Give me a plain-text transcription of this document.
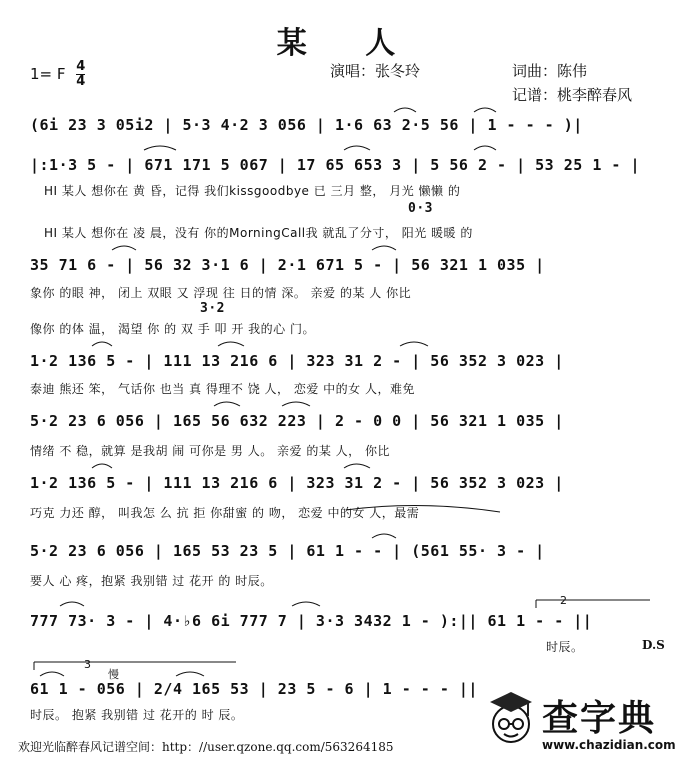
某 人
1= F $\frac{4}{4}$	演唱：张冬玲	词曲：陈伟
记谱：桃李醉春风
(6i 23 3 05i2 | 5·3 4·2 3 056 | 1·6 63 2·5 56 | 1 - - - )|
|:1·3 5 - | 671 171 5 067 | 17 65 653 3 | 5 56 2 - | 53 25 1 - |
HI 某人 想你在 黄 昏，记得 我们kissgoodbye 已 三月 整， 月光 懒懒 的
0·3
HI 某人 想你在 凌 晨，没有 你的MorningCall我 就乱了分寸， 阳光 暖暖 的
35 71 6 - | 56 32 3·1 6 | 2·1 671 5 - | 56 321 1 035 |
象你 的眼 神， 闭上 双眼 又 浮现 往 日的情 深。 亲爱 的某 人 你比
3·2
像你 的体 温， 渴望 你 的 双 手 叩 开 我的心 门。
1·2 136 5 - | 111 13 216 6 | 323 31 2 - | 56 352 3 023 |
泰迪 熊还 笨， 气话你 也当 真 得理不 饶 人， 恋爱 中的女 人，难免
5·2 23 6 056 | 165 56 632 223 | 2 - 0 0 | 56 321 1 035 |
情绪 不 稳，就算 是我胡 闹 可你是 男 人。 亲爱 的某 人， 你比
1·2 136 5 - | 111 13 216 6 | 323 31 2 - | 56 352 3 023 |
巧克 力还 醇， 叫我怎 么 抗 拒 你甜蜜 的 吻， 恋爱 中的女 人，最需
5·2 23 6 056 | 165 53 23 5 | 61 1 - - | (561 55· 3 - |
要人 心 疼，抱紧 我别错 过 花开 的 时辰。
777 73· 3 - | 4·♭6 6i 777 7 | 3·3 3432 1 - ):|| 61 1 - - ||
2
时辰。	D.S
3
慢
61 1 - 056 | 2/4 165 53 | 23 5 - 6 | 1 - - - ||
时辰。 抱紧 我别错 过 花开的 时 辰。
欢迎光临醉春风记谱空间：http：//user.qzone.qq.com/563264185
查字典
www.chazidian.com
